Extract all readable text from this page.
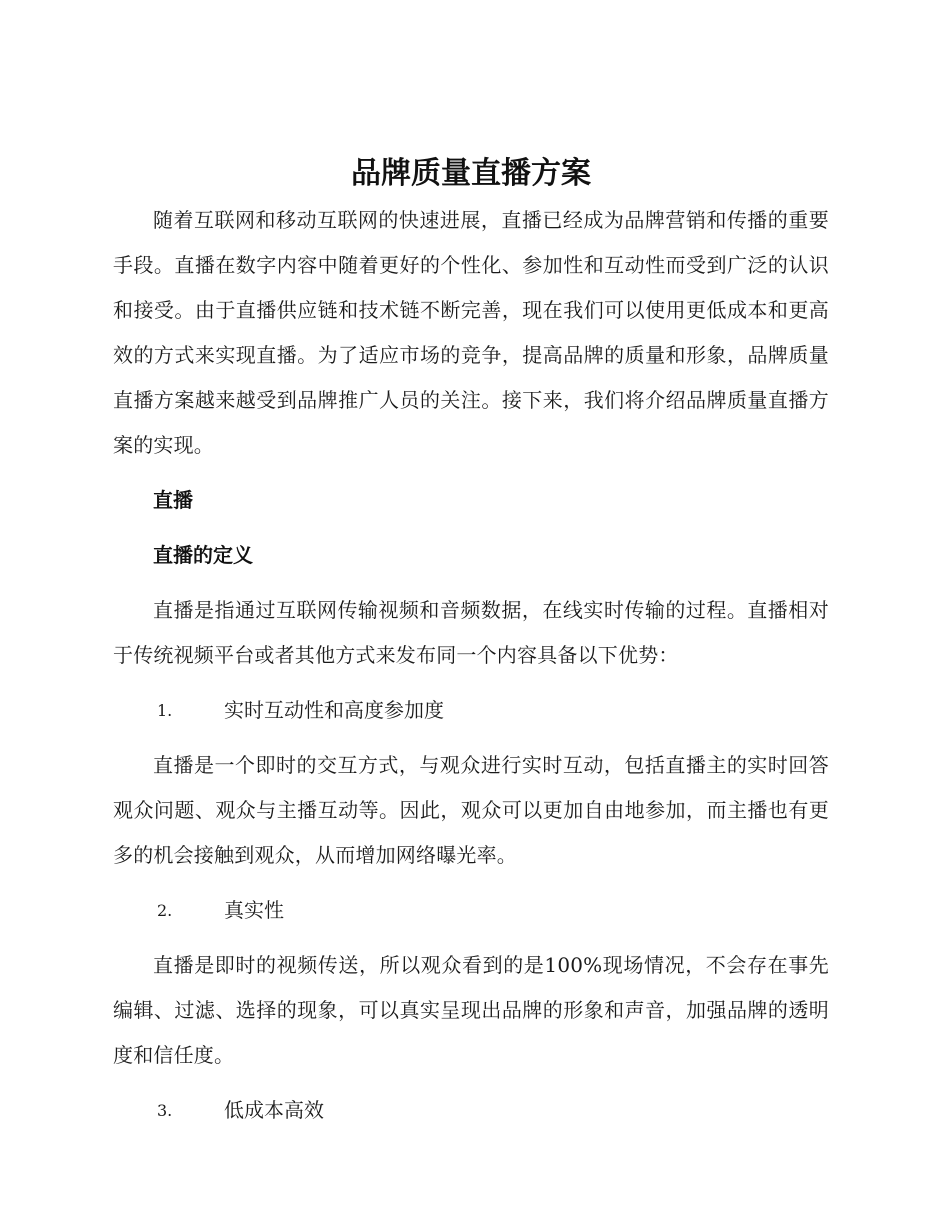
品牌质量直播方案

随着互联网和移动互联网的快速进展，直播已经成为品牌营销和传播的重要手段。直播在数字内容中随着更好的个性化、参加性和互动性而受到广泛的认识和接受。由于直播供应链和技术链不断完善，现在我们可以使用更低成本和更高效的方式来实现直播。为了适应市场的竞争，提高品牌的质量和形象，品牌质量直播方案越来越受到品牌推广人员的关注。接下来，我们将介绍品牌质量直播方案的实现。

直播

直播的定义

直播是指通过互联网传输视频和音频数据，在线实时传输的过程。直播相对于传统视频平台或者其他方式来发布同一个内容具备以下优势：

1.	实时互动性和高度参加度

直播是一个即时的交互方式，与观众进行实时互动，包括直播主的实时回答观众问题、观众与主播互动等。因此，观众可以更加自由地参加，而主播也有更多的机会接触到观众，从而增加网络曝光率。

2.	真实性

直播是即时的视频传送，所以观众看到的是100%现场情况，不会存在事先编辑、过滤、选择的现象，可以真实呈现出品牌的形象和声音，加强品牌的透明度和信任度。

3.	低成本高效
